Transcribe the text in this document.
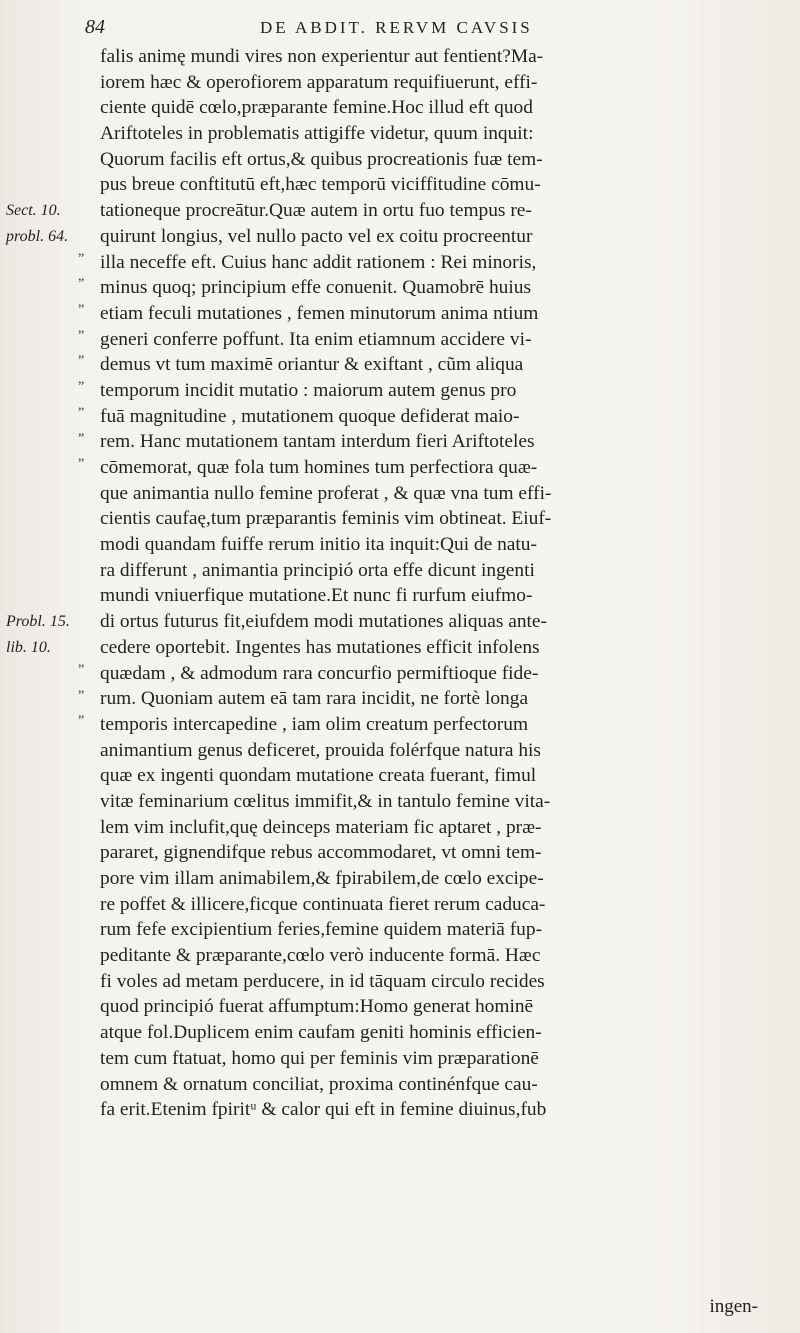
84	DE ABDIT. RERVM CAVSIS
Sect. 10.
probl. 64.
Probl. 15.
lib. 10.
„
„
„
„
„
„
„
„
„
„
„
„
falis animę mundi vires non experientur aut fentient?Ma-
iorem hæc & operofiorem apparatum requifiuerunt, effi-
ciente quidē cœlo,præparante femine.Hoc illud eft quod
Ariftoteles in problematis attigiffe videtur, quum inquit:
Quorum facilis eft ortus,& quibus procreationis fuæ tem-
pus breue conftitutū eft,hæc temporū viciffitudine cōmu-
tationeque procreātur.Quæ autem in ortu fuo tempus re-
quirunt longius, vel nullo pacto vel ex coitu procreentur
illa neceffe eft. Cuius hanc addit rationem : Rei minoris,
minus quoq; principium effe conuenit. Quamobrē huius
etiam feculi mutationes , femen minutorum anima ntium
generi conferre poffunt. Ita enim etiamnum accidere vi-
demus vt tum maximē oriantur & exiftant , cũm aliqua
temporum incidit mutatio : maiorum autem genus pro
fuā magnitudine , mutationem quoque defiderat maio-
rem. Hanc mutationem tantam interdum fieri Ariftoteles
cōmemorat, quæ fola tum homines tum perfectiora quæ-
que animantia nullo femine proferat , & quæ vna tum effi-
cientis caufaę,tum præparantis feminis vim obtineat. Eiuf-
modi quandam fuiffe rerum initio ita inquit:Qui de natu-
ra differunt , animantia principió orta effe dicunt ingenti
mundi vniuerfique mutatione.Et nunc fi rurfum eiufmo-
di ortus futurus fit,eiufdem modi mutationes aliquas ante-
cedere oportebit. Ingentes has mutationes efficit infolens
quædam , & admodum rara concurfio permiftioque fide-
rum. Quoniam autem eā tam rara incidit, ne fortè longa
temporis intercapedine , iam olim creatum perfectorum
animantium genus deficeret, prouida folérfque natura his
quæ ex ingenti quondam mutatione creata fuerant, fimul
vitæ feminarium cœlitus immifit,& in tantulo femine vita-
lem vim inclufit,quę deinceps materiam fic aptaret , præ-
pararet, gignendifque rebus accommodaret, vt omni tem-
pore vim illam animabilem,& fpirabilem,de cœlo excipe-
re poffet & illicere,ficque continuata fieret rerum caduca-
rum fefe excipientium feries,femine quidem materiā fup-
peditante & præparante,cœlo verò inducente formā. Hæc
fi voles ad metam perducere, in id tāquam circulo recides
quod principió fuerat affumptum:Homo generat hominē
atque fol.Duplicem enim caufam geniti hominis efficien-
tem cum ftatuat, homo qui per feminis vim præparationē
omnem & ornatum conciliat, proxima continénfque cau-
fa erit.Etenim fpiritᵘ & calor qui eft in femine diuinus,fub
ingen-
